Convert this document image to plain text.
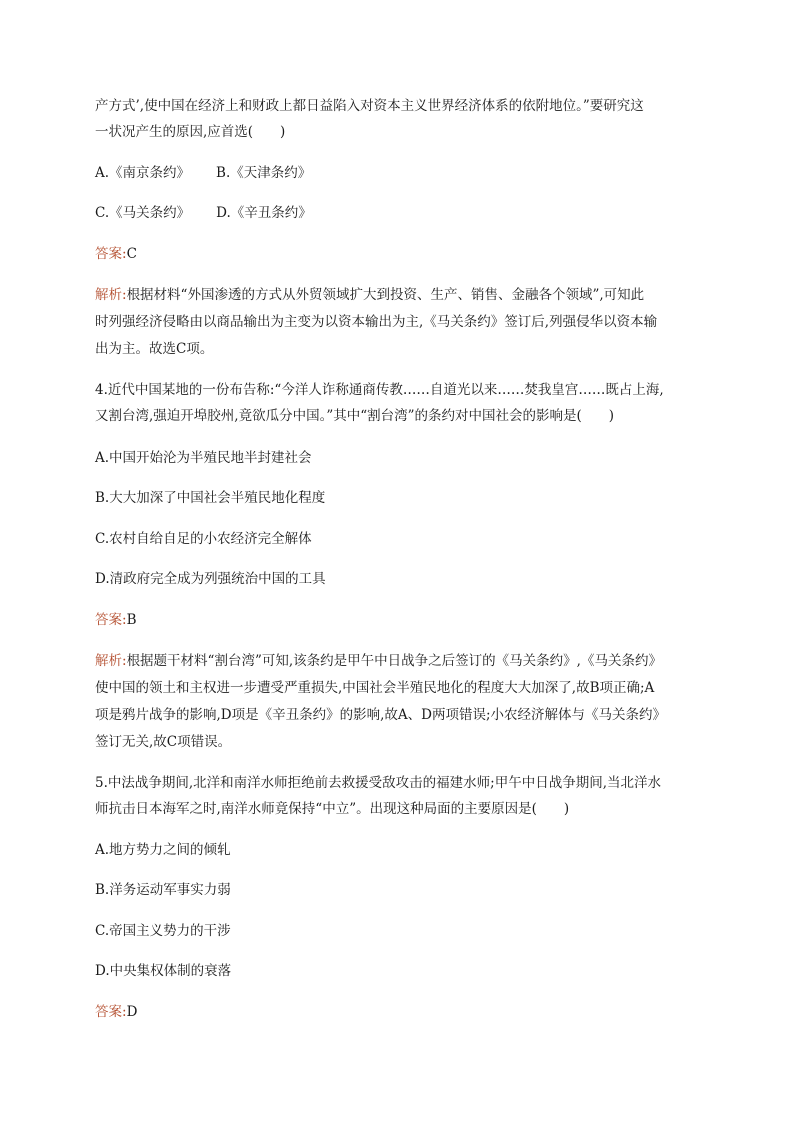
产方式’,使中国在经济上和财政上都日益陷入对资本主义世界经济体系的依附地位。”要研究这
一状况产生的原因,应首选(　　)
A.《南京条约》 B.《天津条约》
C.《马关条约》 D.《辛丑条约》
答案:C
解析:根据材料“外国渗透的方式从外贸领域扩大到投资、生产、销售、金融各个领域”,可知此
时列强经济侵略由以商品输出为主变为以资本输出为主,《马关条约》签订后,列强侵华以资本输
出为主。故选C项。
4.近代中国某地的一份布告称:“今洋人诈称通商传教……自道光以来……焚我皇宫……既占上海,
又割台湾,强迫开埠胶州,竟欲瓜分中国。”其中“割台湾”的条约对中国社会的影响是(　　)
A.中国开始沦为半殖民地半封建社会
B.大大加深了中国社会半殖民地化程度
C.农村自给自足的小农经济完全解体
D.清政府完全成为列强统治中国的工具
答案:B
解析:根据题干材料“割台湾”可知,该条约是甲午中日战争之后签订的《马关条约》,《马关条约》
使中国的领土和主权进一步遭受严重损失,中国社会半殖民地化的程度大大加深了,故B项正确;A
项是鸦片战争的影响,D项是《辛丑条约》的影响,故A、D两项错误;小农经济解体与《马关条约》
签订无关,故C项错误。
5.中法战争期间,北洋和南洋水师拒绝前去救援受敌攻击的福建水师;甲午中日战争期间,当北洋水
师抗击日本海军之时,南洋水师竟保持“中立”。出现这种局面的主要原因是(　　)
A.地方势力之间的倾轧
B.洋务运动军事实力弱
C.帝国主义势力的干涉
D.中央集权体制的衰落
答案:D
